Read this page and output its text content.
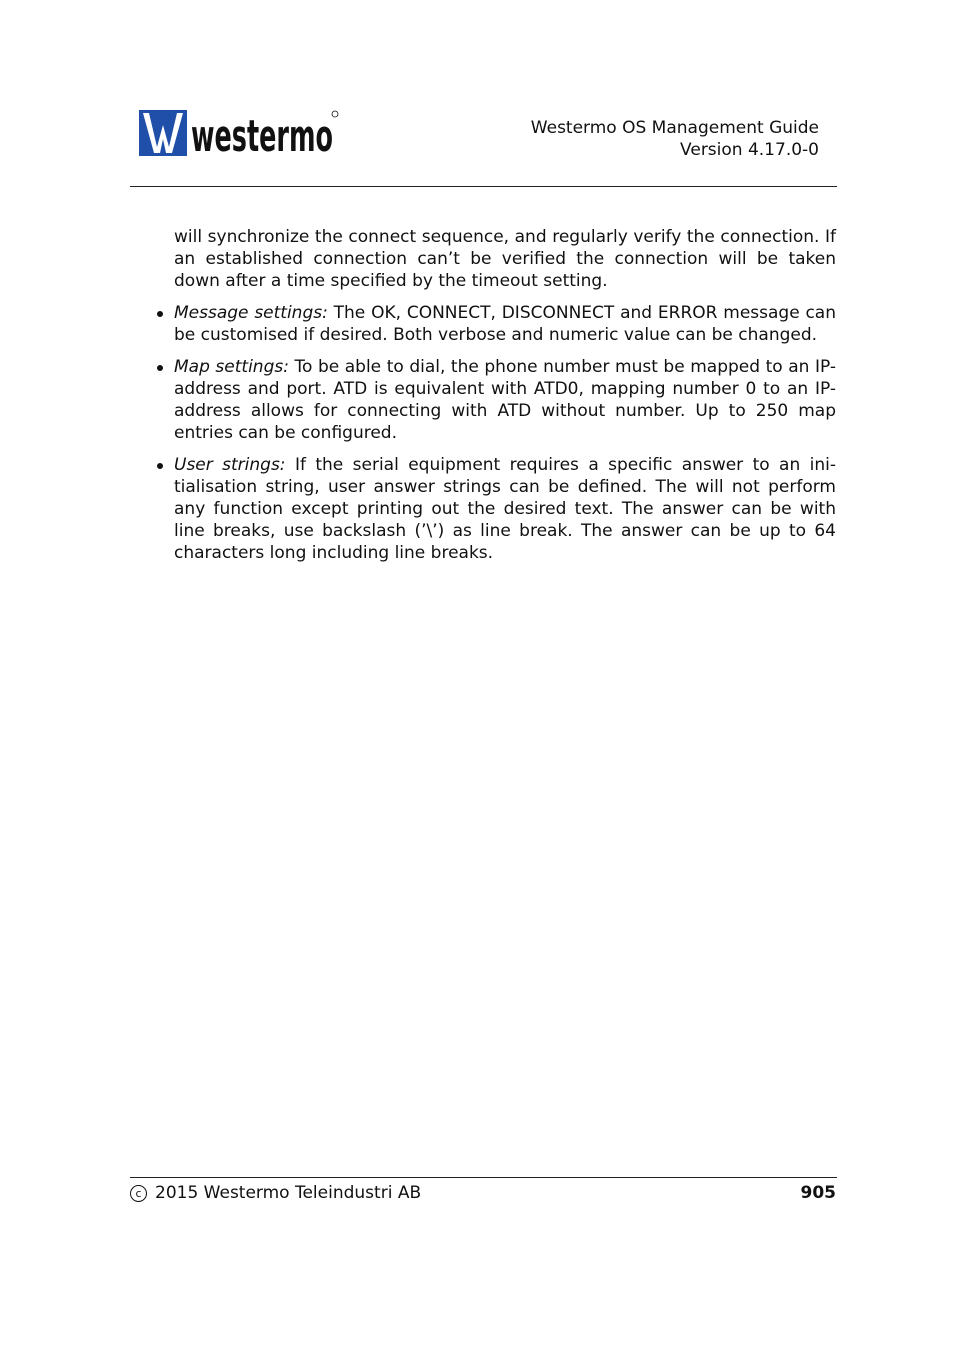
westermo	Westermo OS Management Guide
Version 4.17.0-0

will synchronize the connect sequence, and regularly verify the connection. If an established connection can’t be verified the connection will be taken down after a time specified by the timeout setting.

Message settings: The OK, CONNECT, DISCONNECT and ERROR message can be customised if desired. Both verbose and numeric value can be changed.
Map settings: To be able to dial, the phone number must be mapped to an IP-address and port. ATD is equivalent with ATD0, mapping number 0 to an IP-address allows for connecting with ATD without number. Up to 250 map entries can be configured.
User strings: If the serial equipment requires a specific answer to an initialisation string, user answer strings can be defined. The will not perform any function except printing out the desired text. The answer can be with line breaks, use backslash (’\’) as line break. The answer can be up to 64 characters long including line breaks.
c 2015 Westermo Teleindustri AB	905
